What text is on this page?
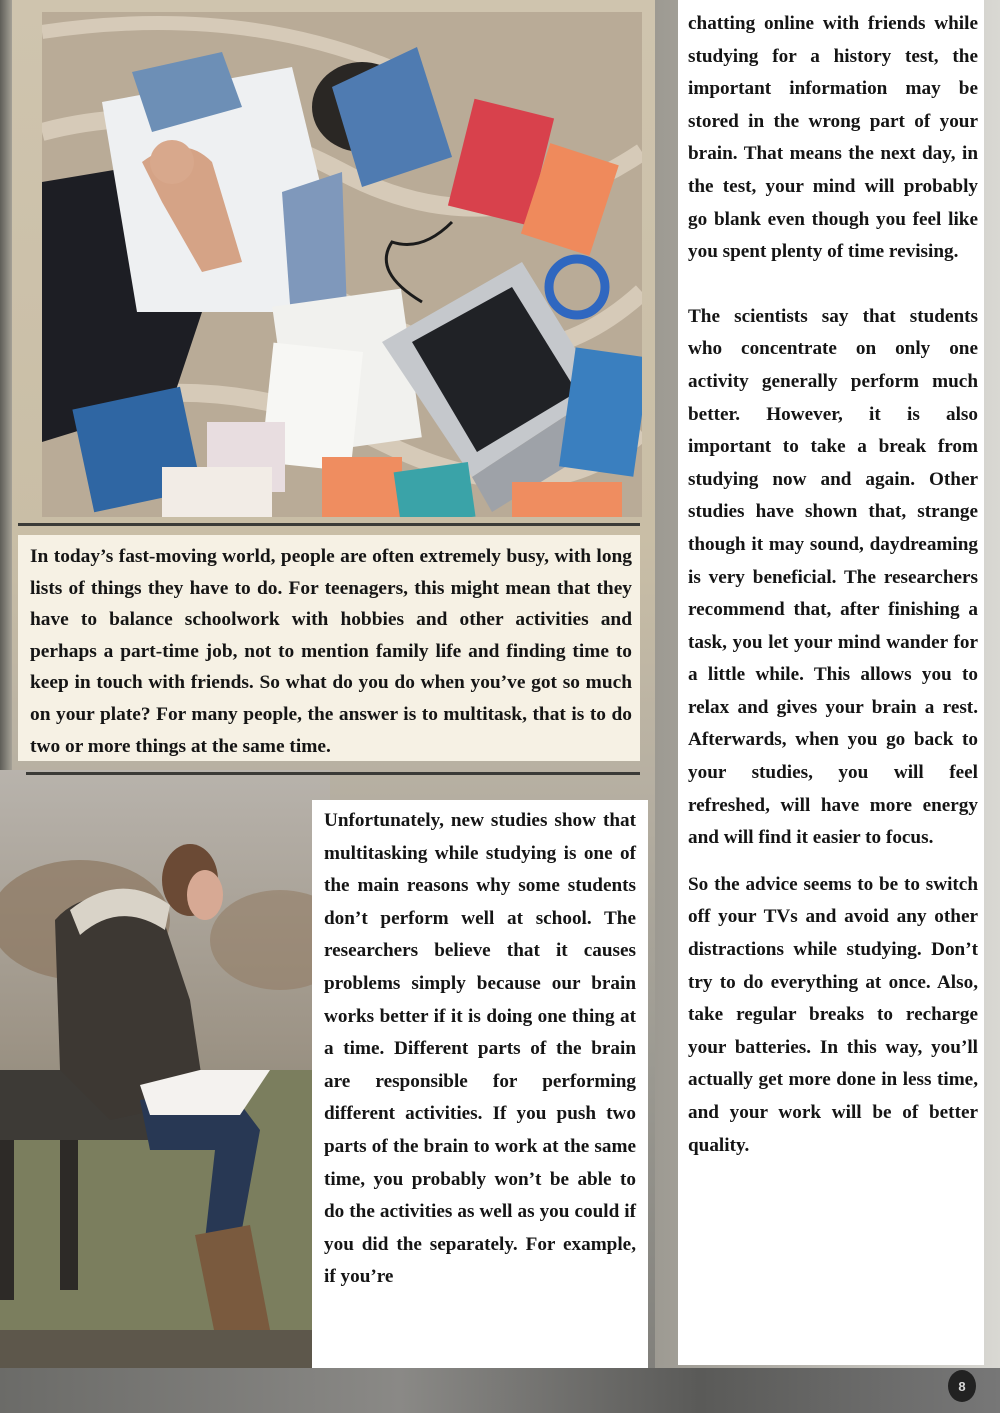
In today’s fast-moving world, people are often extremely busy, with long lists of things they have to do. For teenagers, this might mean that they have to balance schoolwork with hobbies and other activities and perhaps a part-time job, not to mention family life and finding time to keep in touch with friends. So what do you do when you’ve got so much on your plate? For many people, the answer is to multitask, that is to do two or more things at the same time.
Unfortunately, new studies show that multitasking while studying is one of the main reasons why some students don’t perform well at school. The researchers believe that it causes problems simply because our brain works better if it is doing one thing at a time. Different parts of the brain are responsible for performing different activities. If you push two parts of the brain to work at the same time, you probably won’t be able to do the activities as well as you could if you did the separately. For example, if you’re

chatting online with friends while studying for a history test, the important information may be stored in the wrong part of your brain. That means the next day, in the test, your mind will probably go blank even though you feel like you spent plenty of time revising.

The scientists say that students who concentrate on only one activity generally perform much better. However, it is also important to take a break from studying now and again. Other studies have shown that, strange though it may sound, daydreaming is very beneficial. The researchers recommend that, after finishing a task, you let your mind wander for a little while. This allows you to relax and gives your brain a rest. Afterwards, when you go back to your studies, you will feel refreshed, will have more energy and will find it easier to focus.

So the advice seems to be to switch off your TVs and avoid any other distractions while studying. Don’t try to do everything at once. Also, take regular breaks to recharge your batteries. In this way, you’ll actually get more done in less time, and your work will be of better quality.

8
